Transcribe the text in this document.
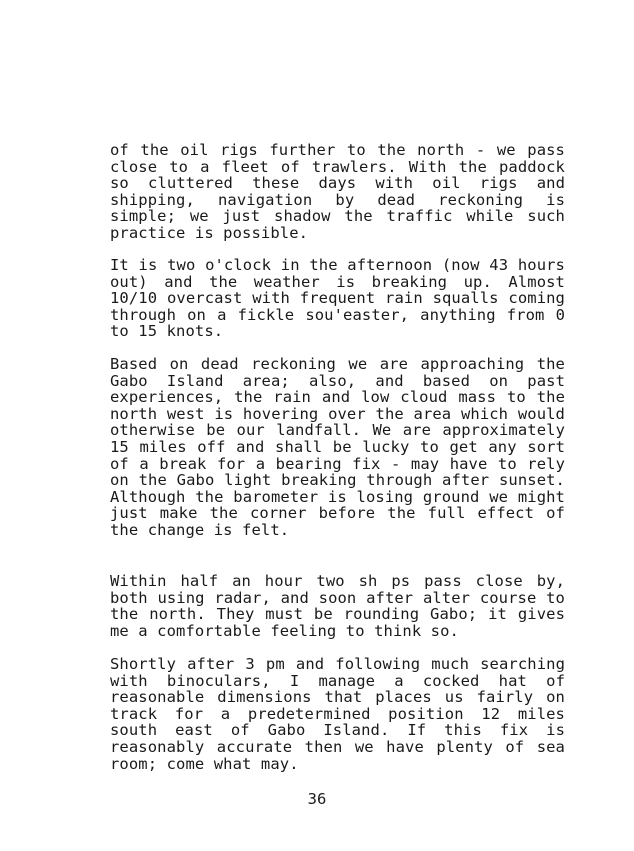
of the oil rigs further to the north - we pass close to a fleet of trawlers. With the paddock so cluttered these days with oil rigs and shipping, navigation by dead reckoning is simple; we just shadow the traffic while such practice is possible.

It is two o'clock in the afternoon (now 43 hours out) and the weather is breaking up. Almost 10/10 overcast with frequent rain squalls coming through on a fickle sou'easter, anything from 0 to 15 knots.

Based on dead reckoning we are approaching the Gabo Island area; also, and based on past experiences, the rain and low cloud mass to the north west is hovering over the area which would otherwise be our landfall. We are approximately 15 miles off and shall be lucky to get any sort of a break for a bearing fix - may have to rely on the Gabo light breaking through after sunset. Although the barometer is losing ground we might just make the corner before the full effect of the change is felt.

Within half an hour two sh ps pass close by, both using radar, and soon after alter course to the north. They must be rounding Gabo; it gives me a comfortable feeling to think so.

Shortly after 3 pm and following much searching with binoculars, I manage a cocked hat of reasonable dimensions that places us fairly on track for a predetermined position 12 miles south east of Gabo Island. If this fix is reasonably accurate then we have plenty of sea room; come what may.

36
